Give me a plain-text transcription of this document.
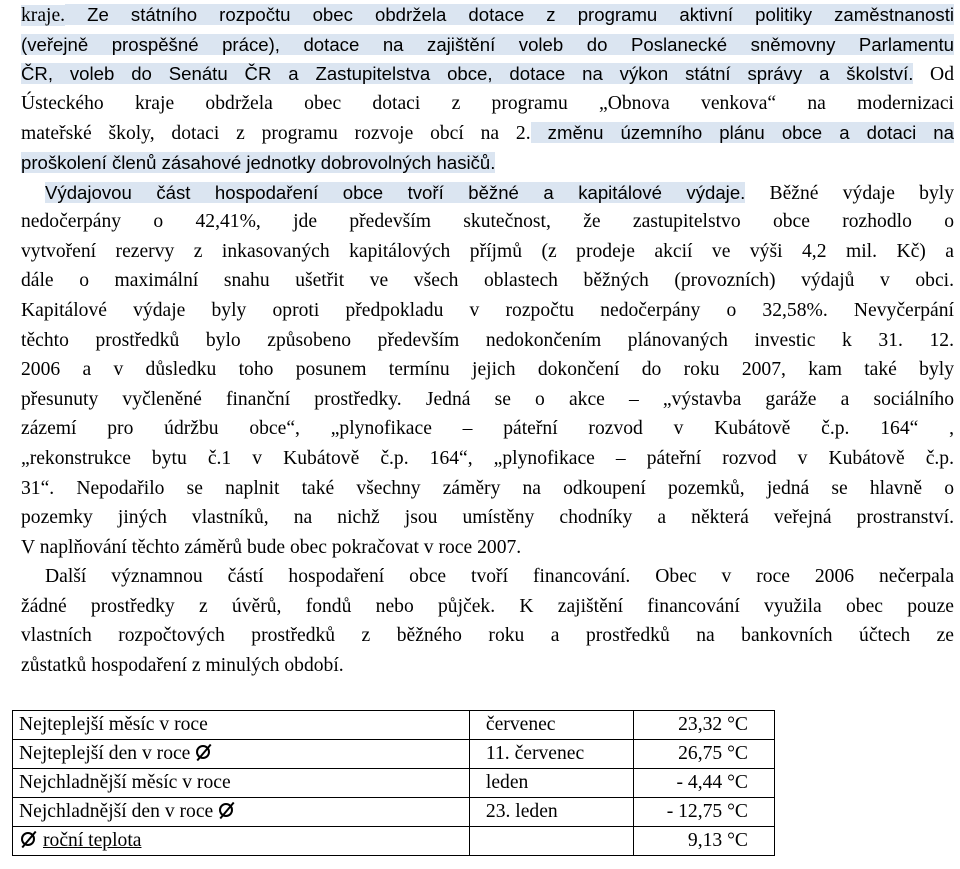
kraje. Ze státního rozpočtu obec obdržela dotace z programu aktivní politiky zaměstnanosti
(veřejně prospěšné práce), dotace na zajištění voleb do Poslanecké sněmovny Parlamentu
ČR, voleb do Senátu ČR a Zastupitelstva obce, dotace na výkon státní správy a školství. Od
Ústeckého kraje obdržela obec dotaci z programu „Obnova venkova“ na modernizaci
mateřské školy, dotaci z programu rozvoje obcí na 2. změnu územního plánu obce a dotaci na
proškolení členů zásahové jednotky dobrovolných hasičů.
Výdajovou část hospodaření obce tvoří běžné a kapitálové výdaje. Běžné výdaje byly
nedočerpány o 42,41%, jde především skutečnost, že zastupitelstvo obce rozhodlo o
vytvoření rezervy z inkasovaných kapitálových příjmů (z prodeje akcií ve výši 4,2 mil. Kč) a
dále o maximální snahu ušetřit ve všech oblastech běžných (provozních) výdajů v obci.
Kapitálové výdaje byly oproti předpokladu v rozpočtu nedočerpány o 32,58%. Nevyčerpání
těchto prostředků bylo způsobeno především nedokončením plánovaných investic k 31. 12.
2006 a v důsledku toho posunem termínu jejich dokončení do roku 2007, kam také byly
přesunuty vyčleněné finanční prostředky. Jedná se o akce – „výstavba garáže a sociálního
zázemí pro údržbu obce“, „plynofikace – páteřní rozvod v Kubátově č.p. 164“ ,
„rekonstrukce bytu č.1 v Kubátově č.p. 164“, „plynofikace – páteřní rozvod v Kubátově č.p.
31“. Nepodařilo se naplnit také všechny záměry na odkoupení pozemků, jedná se hlavně o
pozemky jiných vlastníků, na nichž jsou umístěny chodníky a některá veřejná prostranství.
V naplňování těchto záměrů bude obec pokračovat v roce 2007.
Další významnou částí hospodaření obce tvoří financování. Obec v roce 2006 nečerpala
žádné prostředky z úvěrů, fondů nebo půjček. K zajištění financování využila obec pouze
vlastních rozpočtových prostředků z běžného roku a prostředků na bankovních účtech ze
zůstatků hospodaření z minulých období.
Nejteplejší měsíc v roce	červenec	23,32 °C
Nejteplejší den v roce	11. červenec	26,75 °C
Nejchladnější měsíc v roce	leden	- 4,44 °C
Nejchladnější den v roce	23. leden	- 12,75 °C

roční teplota		9,13 °C
